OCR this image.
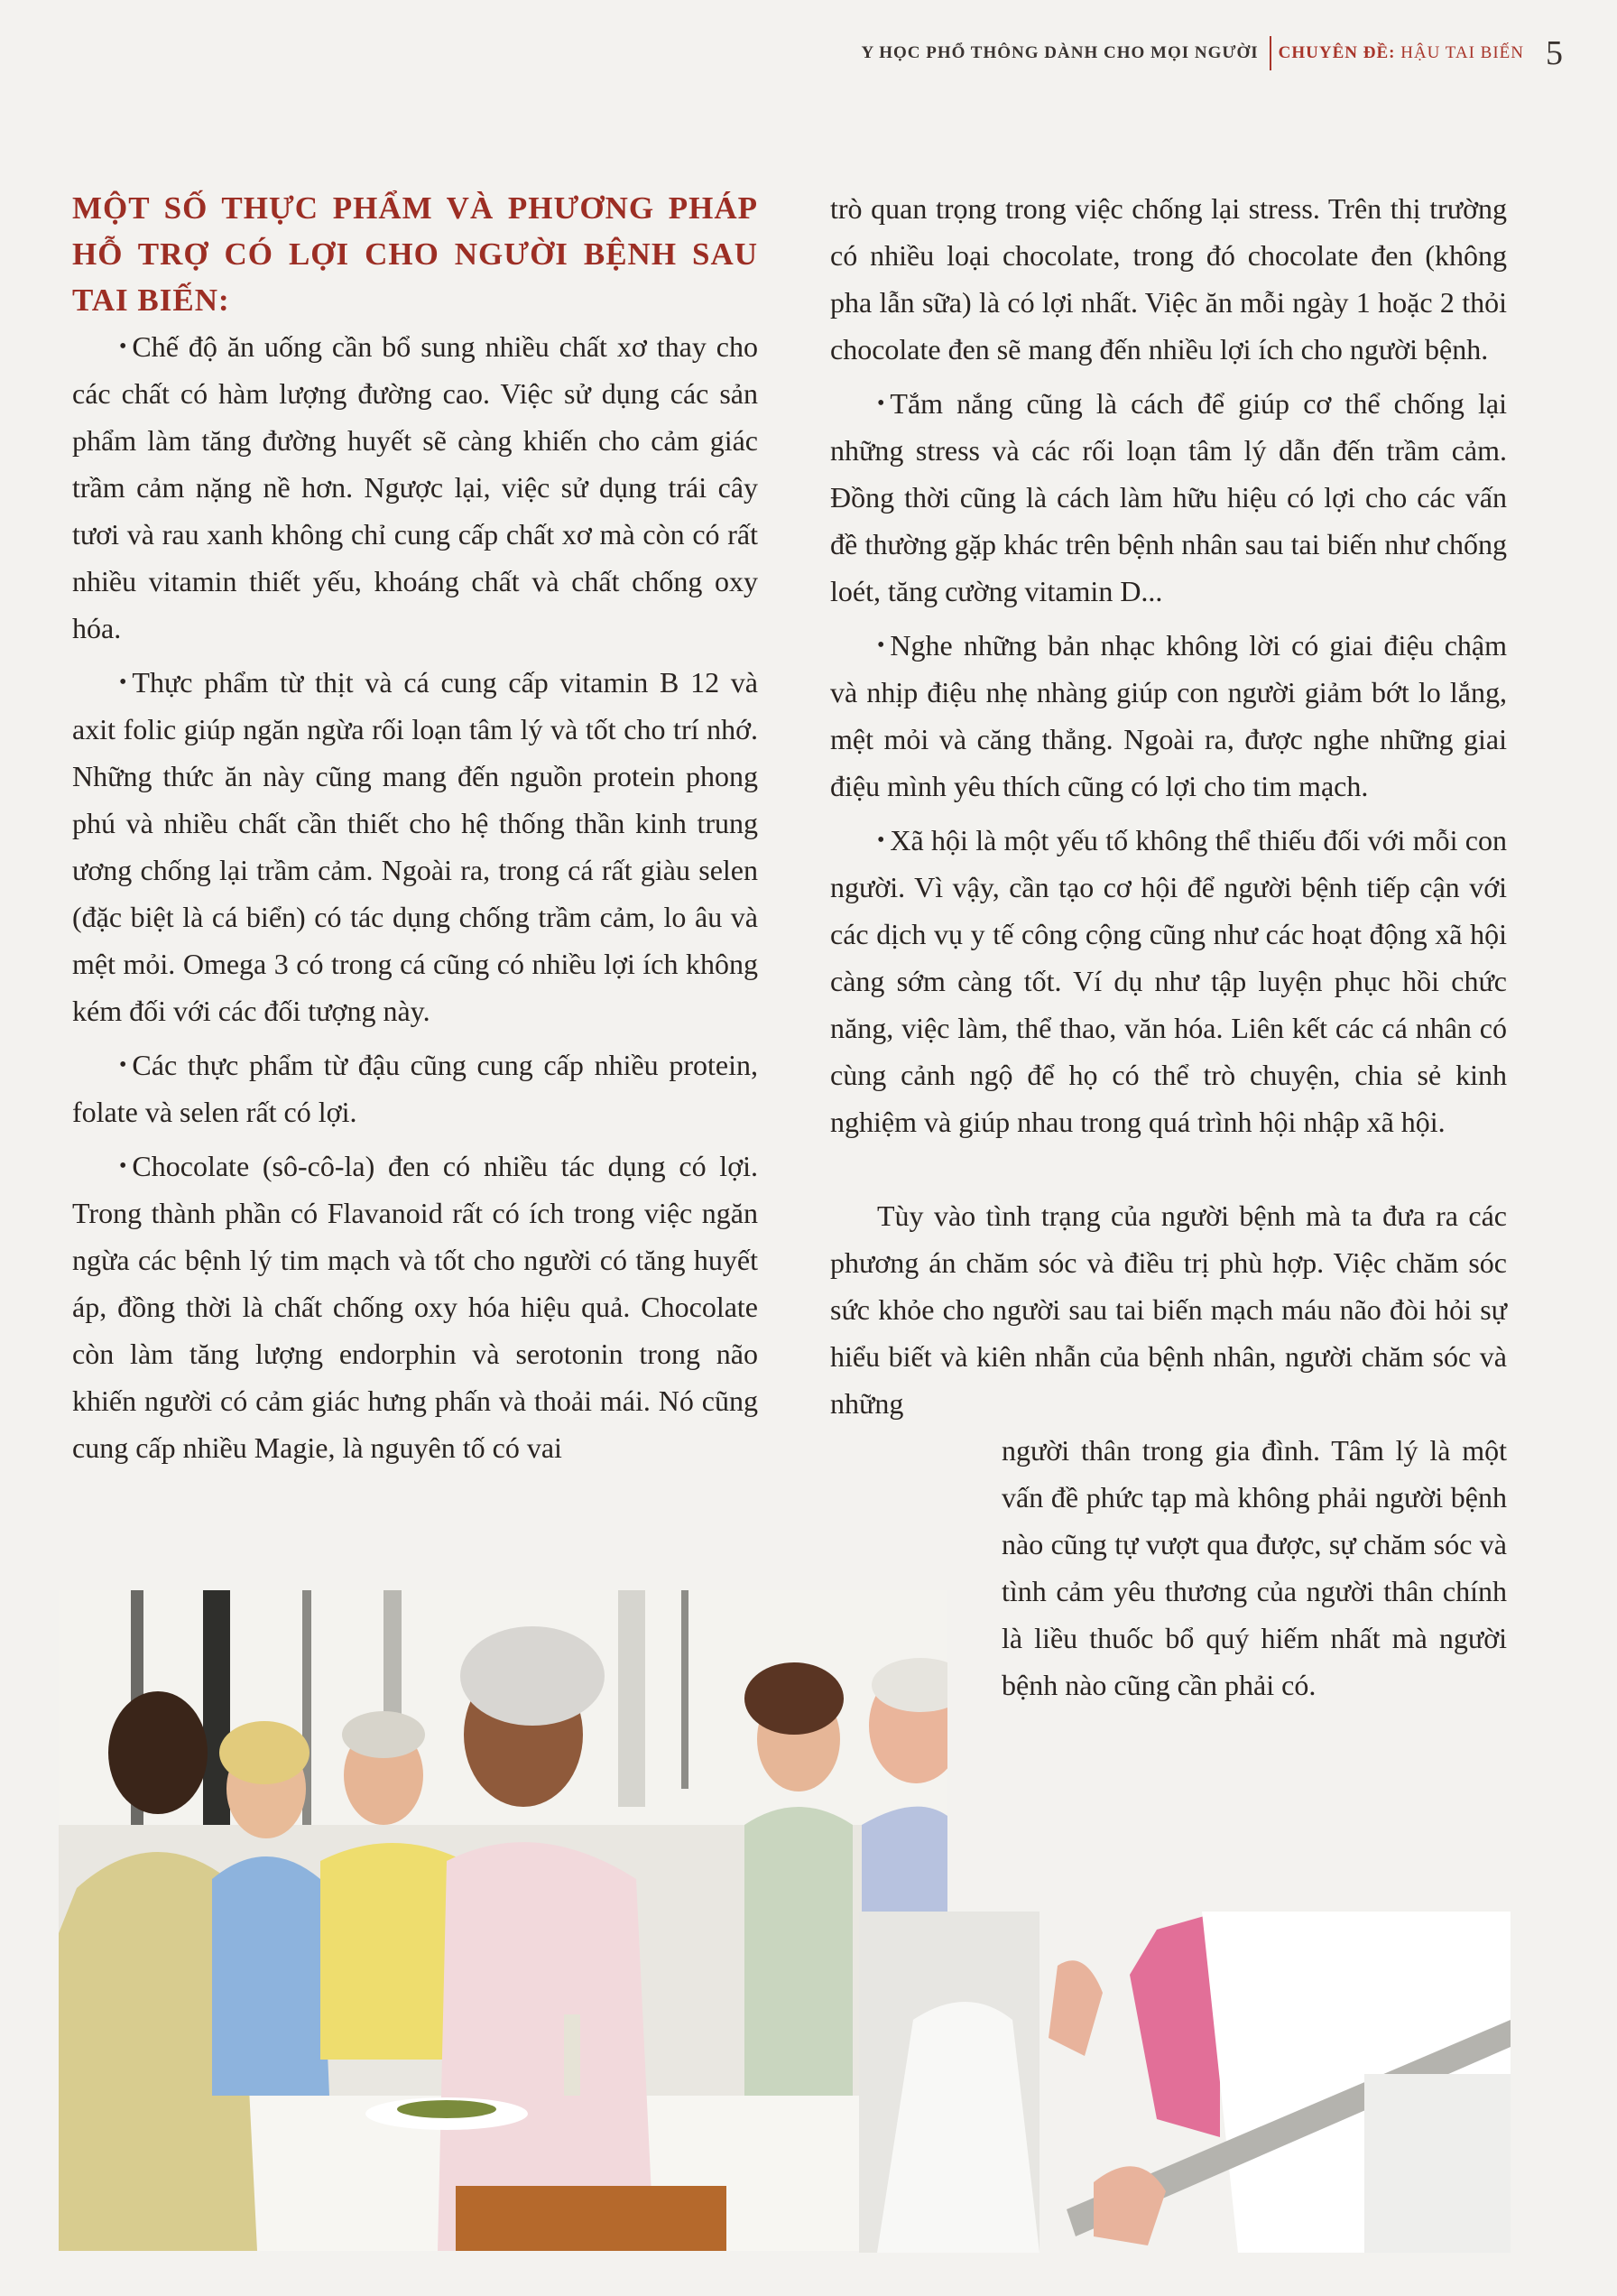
Y HỌC PHỔ THÔNG DÀNH CHO MỌI NGƯỜI	CHUYÊN ĐỀ: HẬU TAI BIẾN 5
MỘT SỐ THỰC PHẨM VÀ PHƯƠNG PHÁP HỖ TRỢ CÓ LỢI CHO NGƯỜI BỆNH SAU TAI BIẾN:

• Chế độ ăn uống cần bổ sung nhiều chất xơ thay cho các chất có hàm lượng đường cao. Việc sử dụng các sản phẩm làm tăng đường huyết sẽ càng khiến cho cảm giác trầm cảm nặng nề hơn. Ngược lại, việc sử dụng trái cây tươi và rau xanh không chỉ cung cấp chất xơ mà còn có rất nhiều vitamin thiết yếu, khoáng chất và chất chống oxy hóa.

• Thực phẩm từ thịt và cá cung cấp vitamin B 12 và axit folic giúp ngăn ngừa rối loạn tâm lý và tốt cho trí nhớ. Những thức ăn này cũng mang đến nguồn protein phong phú và nhiều chất cần thiết cho hệ thống thần kinh trung ương chống lại trầm cảm. Ngoài ra, trong cá rất giàu selen (đặc biệt là cá biển) có tác dụng chống trầm cảm, lo âu và mệt mỏi. Omega 3 có trong cá cũng có nhiều lợi ích không kém đối với các đối tượng này.

• Các thực phẩm từ đậu cũng cung cấp nhiều protein, folate và selen rất có lợi.

• Chocolate (sô-cô-la) đen có nhiều tác dụng có lợi. Trong thành phần có Flavanoid rất có ích trong việc ngăn ngừa các bệnh lý tim mạch và tốt cho người có tăng huyết áp, đồng thời là chất chống oxy hóa hiệu quả. Chocolate còn làm tăng lượng endorphin và serotonin trong não khiến người có cảm giác hưng phấn và thoải mái. Nó cũng cung cấp nhiều Magie, là nguyên tố có vai

trò quan trọng trong việc chống lại stress. Trên thị trường có nhiều loại chocolate, trong đó chocolate đen (không pha lẫn sữa) là có lợi nhất. Việc ăn mỗi ngày 1 hoặc 2 thỏi chocolate đen sẽ mang đến nhiều lợi ích cho người bệnh.

• Tắm nắng cũng là cách để giúp cơ thể chống lại những stress và các rối loạn tâm lý dẫn đến trầm cảm. Đồng thời cũng là cách làm hữu hiệu có lợi cho các vấn đề thường gặp khác trên bệnh nhân sau tai biến như chống loét, tăng cường vitamin D...

• Nghe những bản nhạc không lời có giai điệu chậm và nhịp điệu nhẹ nhàng giúp con người giảm bớt lo lắng, mệt mỏi và căng thẳng. Ngoài ra, được nghe những giai điệu mình yêu thích cũng có lợi cho tim mạch.

• Xã hội là một yếu tố không thể thiếu đối với mỗi con người. Vì vậy, cần tạo cơ hội để người bệnh tiếp cận với các dịch vụ y tế công cộng cũng như các hoạt động xã hội càng sớm càng tốt. Ví dụ như tập luyện phục hồi chức năng, việc làm, thể thao, văn hóa. Liên kết các cá nhân có cùng cảnh ngộ để họ có thể trò chuyện, chia sẻ kinh nghiệm và giúp nhau trong quá trình hội nhập xã hội.

Tùy vào tình trạng của người bệnh mà ta đưa ra các phương án chăm sóc và điều trị phù hợp. Việc chăm sóc sức khỏe cho người sau tai biến mạch máu não đòi hỏi sự hiểu biết và kiên nhẫn của bệnh nhân, người chăm sóc và những

người thân trong gia đình. Tâm lý là một vấn đề phức tạp mà không phải người bệnh nào cũng tự vượt qua được, sự chăm sóc và tình cảm yêu thương của người thân chính là liều thuốc bổ quý hiếm nhất mà người bệnh nào cũng cần phải có.
